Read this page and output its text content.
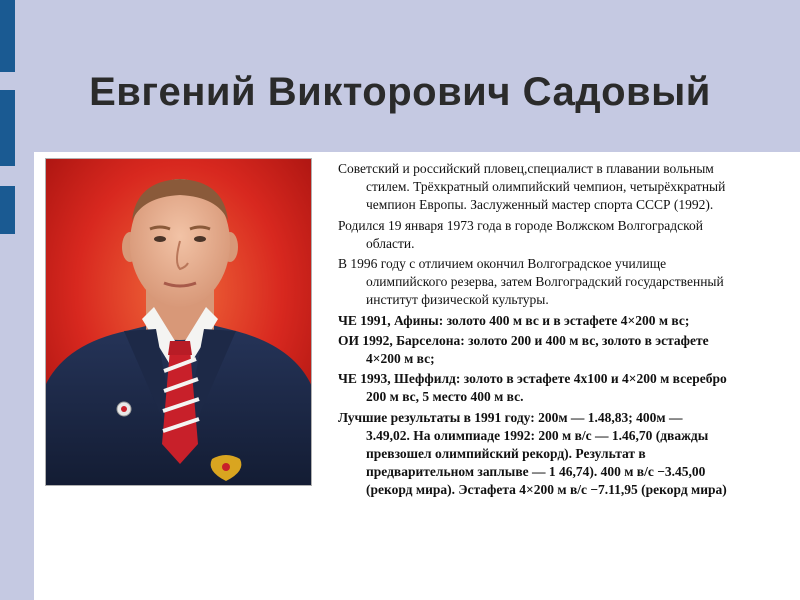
Евгений Викторович Садовый

Советский и российский пловец,специалист в плавании вольным стилем. Трёхкратный олимпийский чемпион, четырёхкратный чемпион Европы. Заслуженный мастер спорта СССР (1992).

Родился 19 января 1973 года в городе Волжском Волгоградской области.

В 1996 году с отличием окончил Волгоградское училище олимпийского резерва, затем Волгоградский государственный институт физической культуры.

ЧЕ 1991, Афины: золото 400 м вс и в эстафете 4×200 м вс;

ОИ 1992, Барселона: золото 200 и 400 м вс, золото в эстафете 4×200 м вс;

ЧЕ 1993, Шеффилд: золото в эстафете 4х100 и 4×200 м всеребро 200 м вс, 5 место 400 м вс.

Лучшие результаты в 1991 году: 200м — 1.48,83; 400м — 3.49,02. На олимпиаде 1992: 200 м в/с — 1.46,70 (дважды превзошел олимпийский рекорд). Результат в предварительном заплыве — 1 46,74). 400 м в/с −3.45,00 (рекорд мира). Эстафета 4×200 м в/с −7.11,95 (рекорд мира)
